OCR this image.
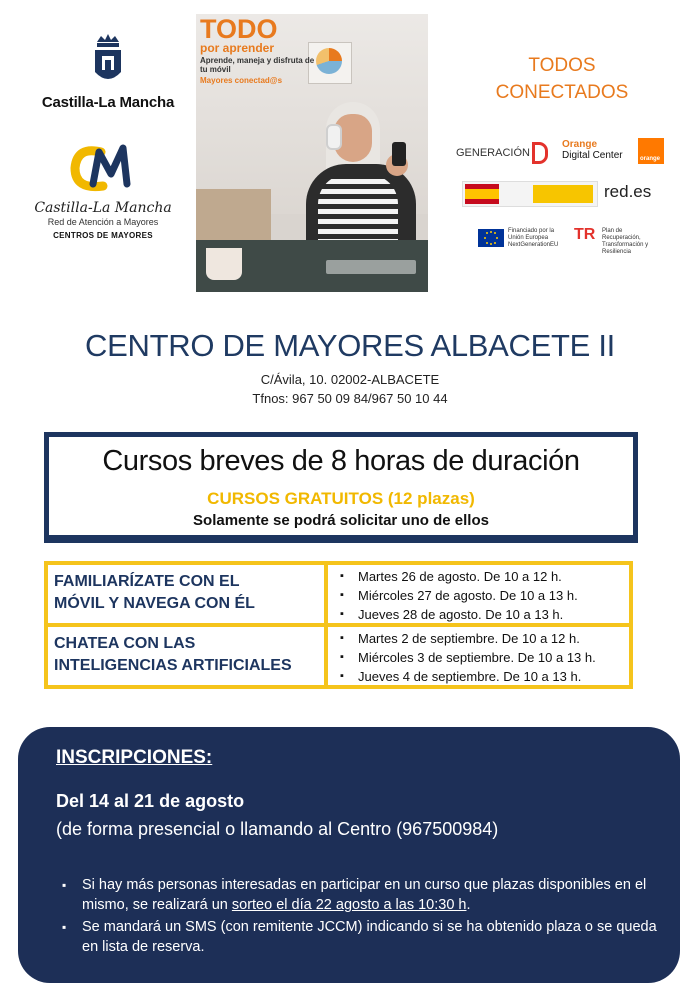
Castilla-La Mancha
Castilla-La Mancha
Red de Atención a Mayores
CENTROS DE MAYORES
TODO
por aprender
Aprende, maneja y disfruta de tu móvil
Mayores conectad@s
TODOS
CONECTADOS
GENERACIÓN
Orange
Digital Center	orange
red.es
Financiado por la Unión Europea NextGenerationEU
TR Plan de Recuperación, Transformación y Resiliencia
CENTRO DE MAYORES ALBACETE II
C/Ávila, 10. 02002-ALBACETE
Tfnos: 967 50 09 84/967 50 10 44
Cursos breves de 8 horas de duración
CURSOS GRATUITOS (12 plazas)
Solamente se podrá solicitar uno de ellos
FAMILIARÍZATE CON EL
MÓVIL Y NAVEGA CON ÉL
▪ Martes 26 de agosto. De 10 a 12 h.
▪ Miércoles 27 de agosto. De 10 a 13 h.
▪ Jueves 28 de agosto. De 10 a 13 h.
CHATEA CON LAS
INTELIGENCIAS ARTIFICIALES
▪ Martes 2 de septiembre. De 10 a 12 h.
▪ Miércoles 3 de septiembre. De 10 a 13 h.
▪ Jueves 4 de septiembre. De 10 a 13 h.
INSCRIPCIONES:
Del 14 al 21 de agosto
(de forma presencial o llamando al Centro (967500984)
▪ Si hay más personas interesadas en participar en un curso que plazas disponibles en el mismo, se realizará un sorteo el día 22 agosto a las 10:30 h.
▪ Se mandará un SMS (con remitente JCCM) indicando si se ha obtenido plaza o se queda en lista de reserva.
